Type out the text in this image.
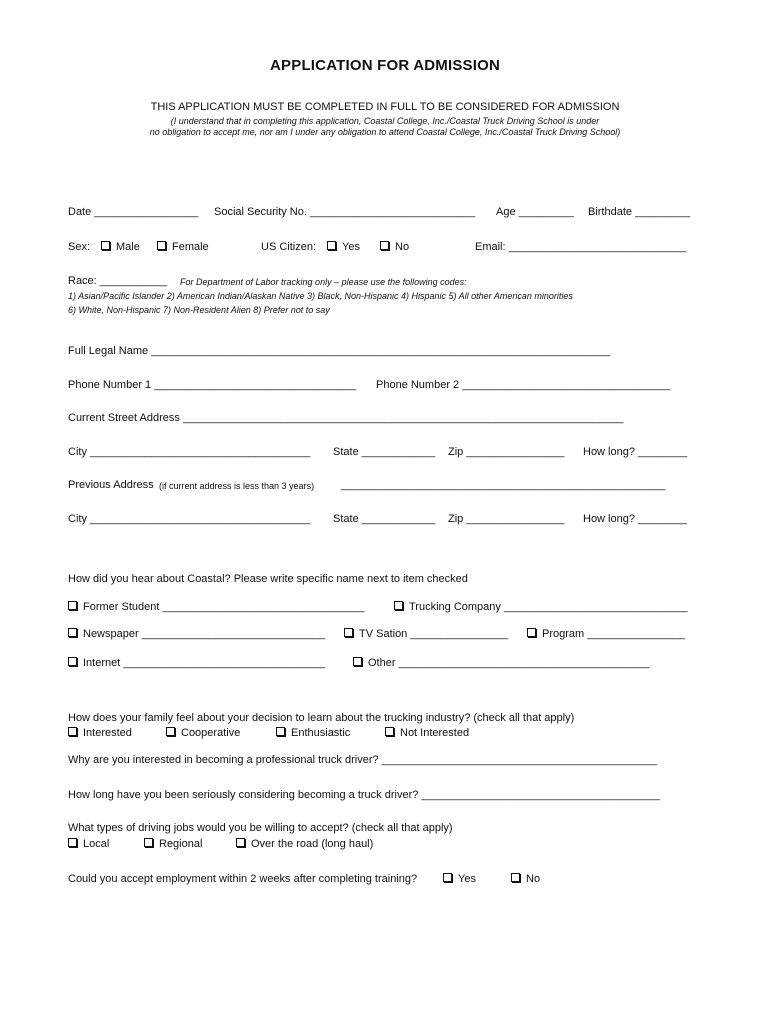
APPLICATION FOR ADMISSION
THIS APPLICATION MUST BE COMPLETED IN FULL TO BE CONSIDERED FOR ADMISSION
(I understand that in completing this application, Coastal College, Inc./Coastal Truck Driving School is under
no obligation to accept me, nor am I under any obligation to attend Coastal College, Inc./Coastal Truck Driving School)
Date _________________ Social Security No. ___________________________ Age _________ Birthdate _________
Sex:	Male	Female	US Citizen:	Yes	No	Email: _____________________________
Race: ___________ For Department of Labor tracking only – please use the following codes:
1) Asian/Pacific Islander 2) American Indian/Alaskan Native 3) Black, Non-Hispanic 4) Hispanic 5) All other American minorities
6) White, Non-Hispanic 7) Non-Resident Alien 8) Prefer not to say
Full Legal Name ___________________________________________________________________________
Phone Number 1 _________________________________ Phone Number 2 __________________________________
Current Street Address ________________________________________________________________________
City ____________________________________ State ____________ Zip ________________ How long? ________
Previous Address (if current address is less than 3 years) _____________________________________________________
City ____________________________________ State ____________ Zip ________________ How long? ________
How did you hear about Coastal? Please write specific name next to item checked
Former Student _________________________________	Trucking Company ______________________________
Newspaper ______________________________	TV Sation ________________	Program ________________
Internet _________________________________	Other _________________________________________
How does your family feel about your decision to learn about the trucking industry? (check all that apply)
Interested	Cooperative	Enthusiastic	Not Interested
Why are you interested in becoming a professional truck driver? _____________________________________________
How long have you been seriously considering becoming a truck driver? _______________________________________
What types of driving jobs would you be willing to accept? (check all that apply)
Local	Regional	Over the road (long haul)
Could you accept employment within 2 weeks after completing training?	Yes	No
